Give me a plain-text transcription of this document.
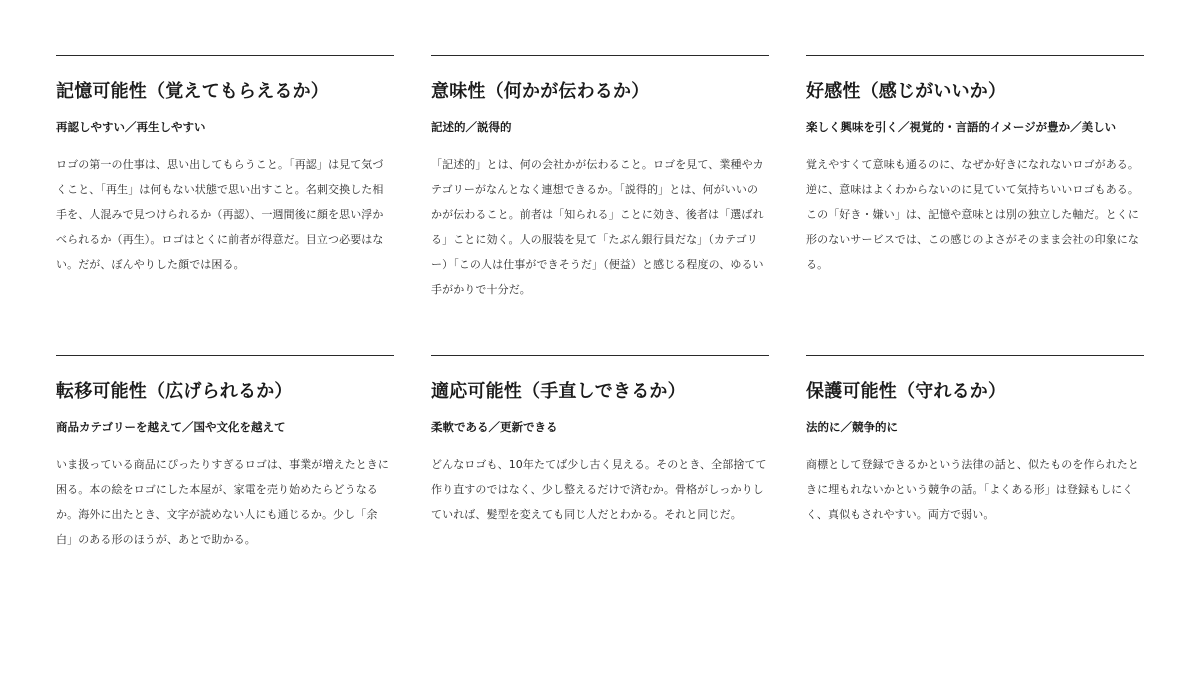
記憶可能性（覚えてもらえるか）
再認しやすい／再生しやすい
ロゴの第一の仕事は、思い出してもらうこと。「再認」は見て気づくこと、「再生」は何もない状態で思い出すこと。名刺交換した相手を、人混みで見つけられるか（再認）、一週間後に顔を思い浮かべられるか（再生）。ロゴはとくに前者が得意だ。目立つ必要はない。だが、ぼんやりした顔では困る。
意味性（何かが伝わるか）
記述的／説得的
「記述的」とは、何の会社かが伝わること。ロゴを見て、業種やカテゴリーがなんとなく連想できるか。「説得的」とは、何がいいのかが伝わること。前者は「知られる」ことに効き、後者は「選ばれる」ことに効く。人の服装を見て「たぶん銀行員だな」（カテゴリー）「この人は仕事ができそうだ」（便益）と感じる程度の、ゆるい手がかりで十分だ。
好感性（感じがいいか）
楽しく興味を引く／視覚的・言語的イメージが豊か／美しい
覚えやすくて意味も通るのに、なぜか好きになれないロゴがある。逆に、意味はよくわからないのに見ていて気持ちいいロゴもある。この「好き・嫌い」は、記憶や意味とは別の独立した軸だ。とくに形のないサービスでは、この感じのよさがそのまま会社の印象になる。
転移可能性（広げられるか）
商品カテゴリーを越えて／国や文化を越えて
いま扱っている商品にぴったりすぎるロゴは、事業が増えたときに困る。本の絵をロゴにした本屋が、家電を売り始めたらどうなるか。海外に出たとき、文字が読めない人にも通じるか。少し「余白」のある形のほうが、あとで助かる。
適応可能性（手直しできるか）
柔軟である／更新できる
どんなロゴも、10年たてば少し古く見える。そのとき、全部捨てて作り直すのではなく、少し整えるだけで済むか。骨格がしっかりしていれば、髪型を変えても同じ人だとわかる。それと同じだ。
保護可能性（守れるか）
法的に／競争的に
商標として登録できるかという法律の話と、似たものを作られたときに埋もれないかという競争の話。「よくある形」は登録もしにくく、真似もされやすい。両方で弱い。
